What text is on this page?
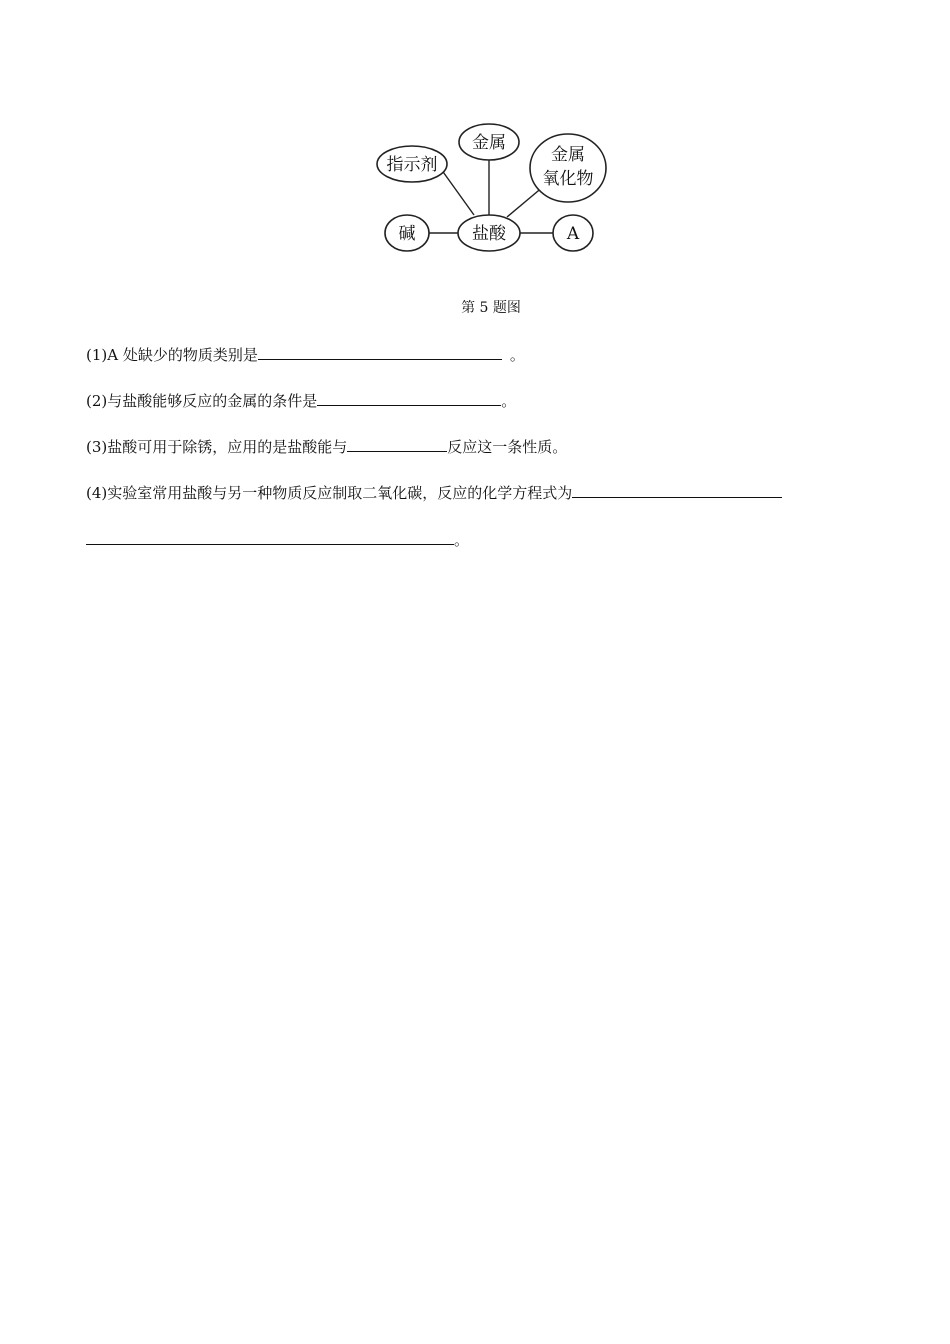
指示剂
金属
金属
氧化物
碱	盐酸	A
第 5 题图
(1)A 处缺少的物质类别是	。
(2)与盐酸能够反应的金属的条件是	。
(3)盐酸可用于除锈，应用的是盐酸能与	反应这一条性质。
(4)实验室常用盐酸与另一种物质反应制取二氧化碳，反应的化学方程式为
。
